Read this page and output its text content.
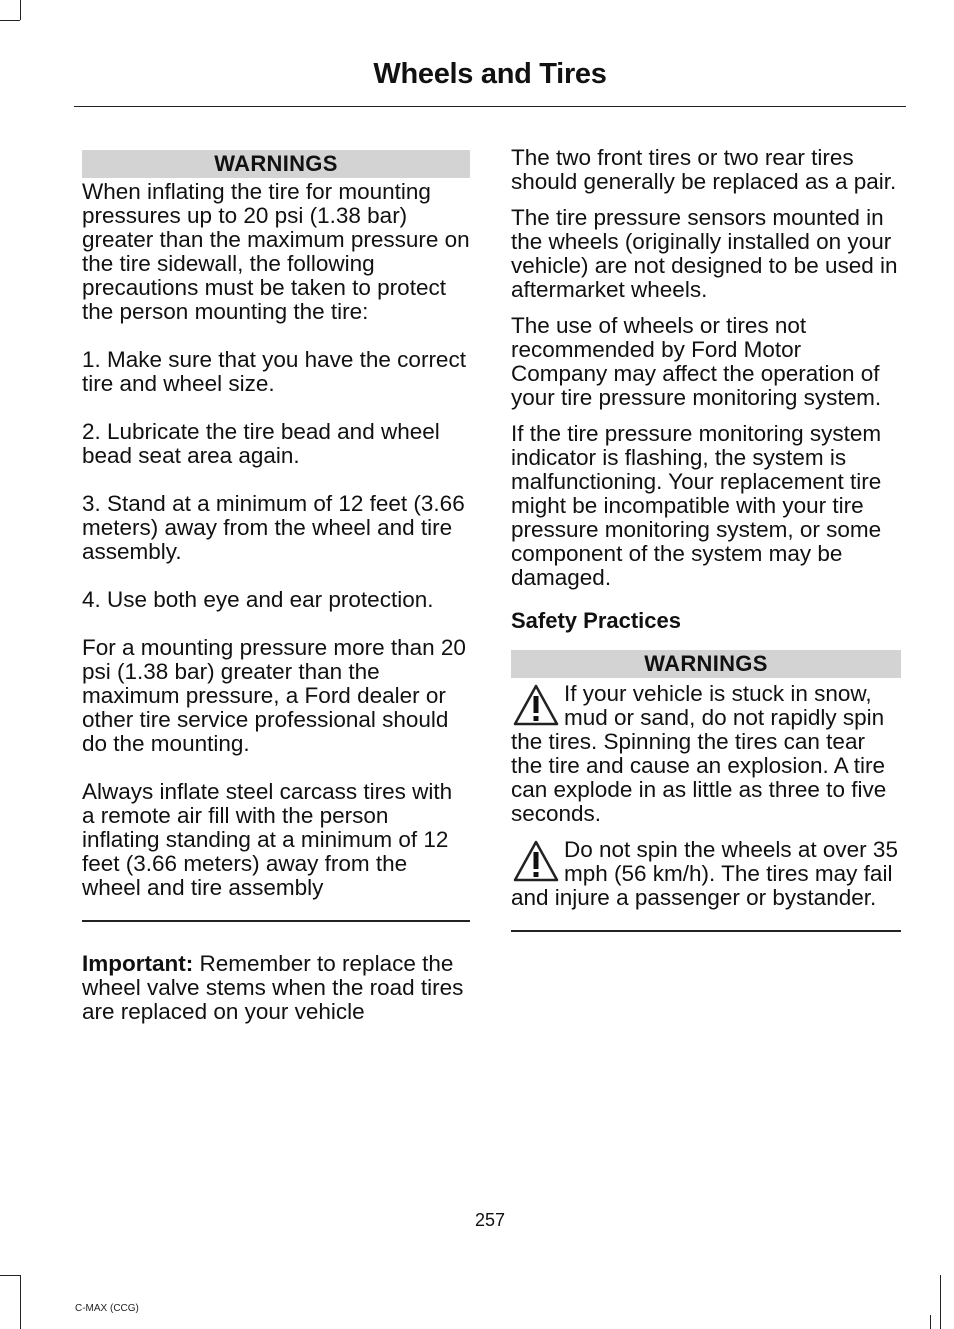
Wheels and Tires
WARNINGS

When inflating the tire for mounting pressures up to 20 psi (1.38 bar) greater than the maximum pressure on the tire sidewall, the following precautions must be taken to protect the person mounting the tire:

1. Make sure that you have the correct tire and wheel size.

2. Lubricate the tire bead and wheel bead seat area again.

3. Stand at a minimum of 12 feet (3.66 meters) away from the wheel and tire assembly.

4. Use both eye and ear protection.

For a mounting pressure more than 20 psi (1.38 bar) greater than the maximum pressure, a Ford dealer or other tire service professional should do the mounting.

Always inflate steel carcass tires with a remote air fill with the person inflating standing at a minimum of 12 feet (3.66 meters) away from the wheel and tire assembly

Important: Remember to replace the wheel valve stems when the road tires are replaced on your vehicle

The two front tires or two rear tires should generally be replaced as a pair.

The tire pressure sensors mounted in the wheels (originally installed on your vehicle) are not designed to be used in aftermarket wheels.

The use of wheels or tires not recommended by Ford Motor Company may affect the operation of your tire pressure monitoring system.

If the tire pressure monitoring system indicator is flashing, the system is malfunctioning. Your replacement tire might be incompatible with your tire pressure monitoring system, or some component of the system may be damaged.

Safety Practices
WARNINGS

If your vehicle is stuck in snow, mud or sand, do not rapidly spin the tires. Spinning the tires can tear the tire and cause an explosion. A tire can explode in as little as three to five seconds.

Do not spin the wheels at over 35 mph (56 km/h). The tires may fail and injure a passenger or bystander.

257
C-MAX (CCG)
